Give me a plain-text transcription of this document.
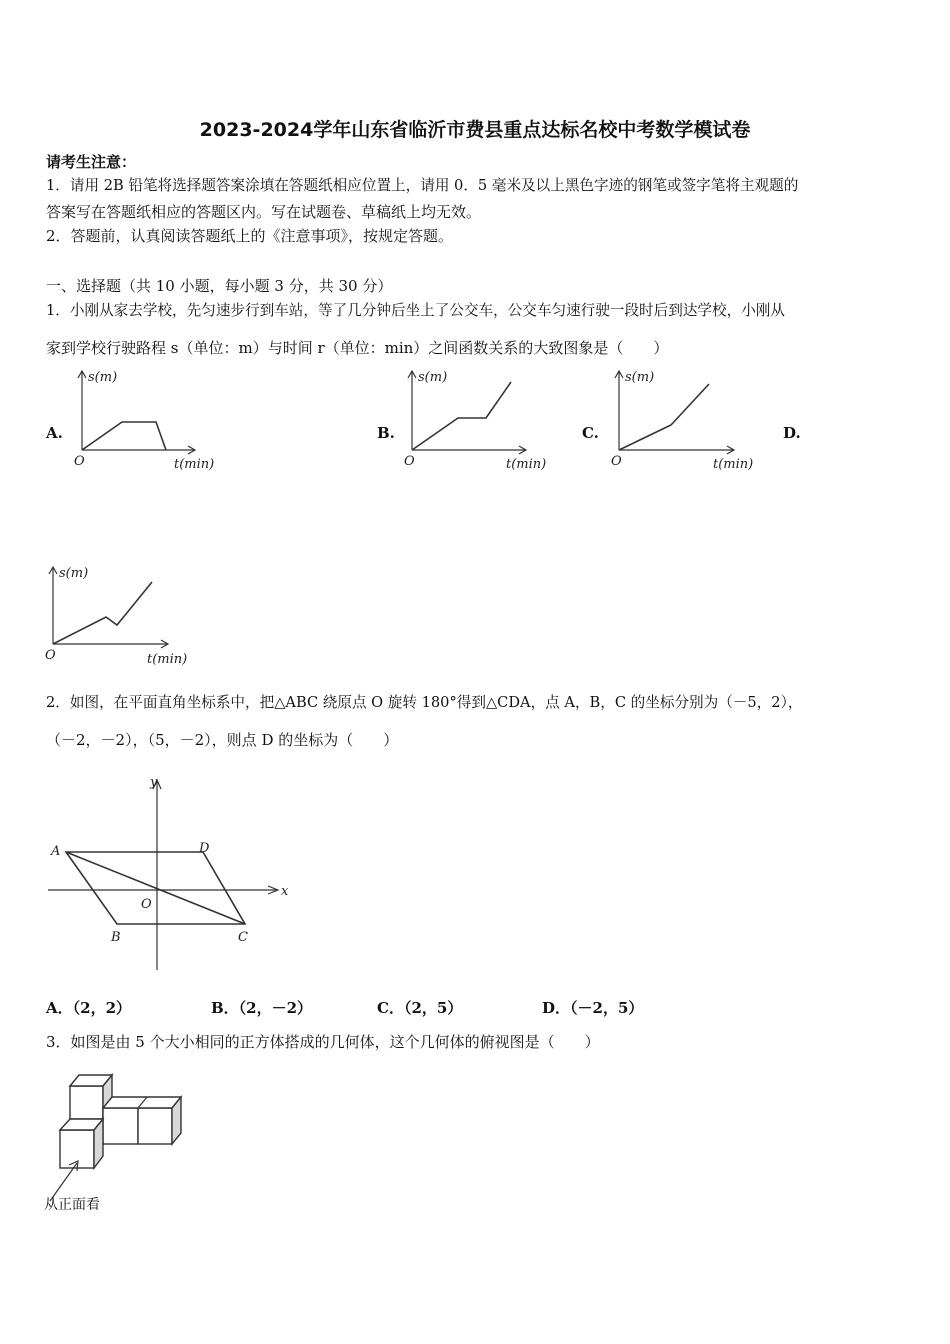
2023-2024学年山东省临沂市费县重点达标名校中考数学模试卷
请考生注意：
1．请用 2B 铅笔将选择题答案涂填在答题纸相应位置上，请用 0．5 毫米及以上黑色字迹的钢笔或签字笔将主观题的
答案写在答题纸相应的答题区内。写在试题卷、草稿纸上均无效。
2．答题前，认真阅读答题纸上的《注意事项》，按规定答题。
一、选择题（共 10 小题，每小题 3 分，共 30 分）
1．小刚从家去学校，先匀速步行到车站，等了几分钟后坐上了公交车，公交车匀速行驶一段时后到达学校，小刚从
家到学校行驶路程 s（单位：m）与时间 r（单位：min）之间函数关系的大致图象是（　　）
A.	B.	C.	D.
s(m)
t(min)
O
s(m)
t(min)
O
s(m)
t(min)
O
s(m)
t(min)
O
2．如图，在平面直角坐标系中，把△ABC 绕原点 O 旋转 180°得到△CDA，点 A，B，C 的坐标分别为（－5，2），
（－2，－2），（5，－2），则点 D 的坐标为（　　）
y
x
A	D
O
B	C
A．（2，2）	B．（2，－2）	C．（2，5）	D．（－2，5）
3．如图是由 5 个大小相同的正方体搭成的几何体，这个几何体的俯视图是（　　）
从正面看
